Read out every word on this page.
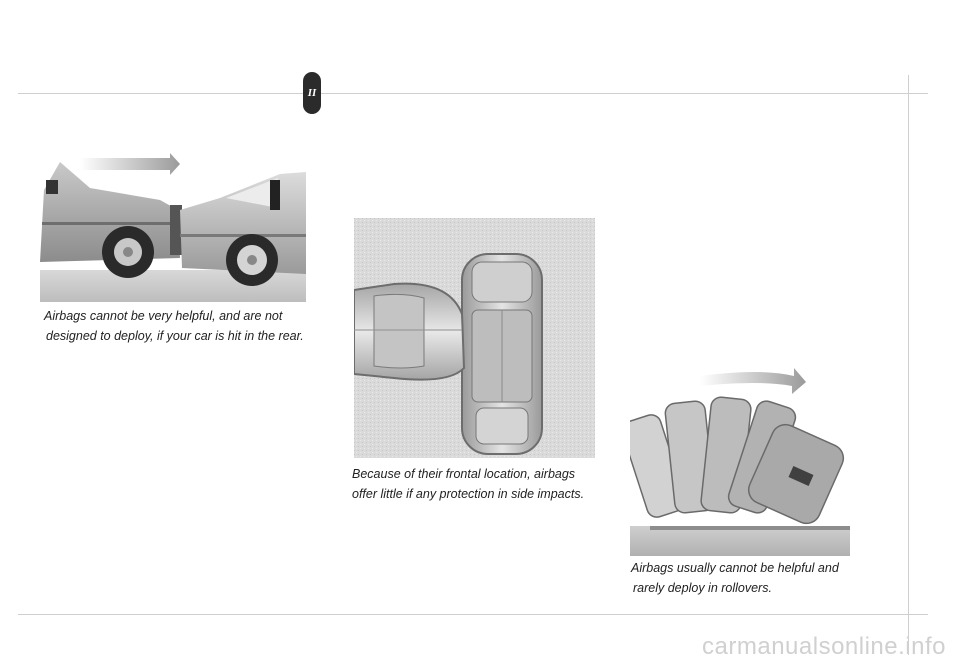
II
Airbags cannot be very helpful, and are not
designed to deploy, if your car is hit in the rear.
Because of their frontal location, airbags
offer little if any protection in side impacts.
Airbags usually cannot be helpful and
rarely deploy in rollovers.
carmanualsonline.info
